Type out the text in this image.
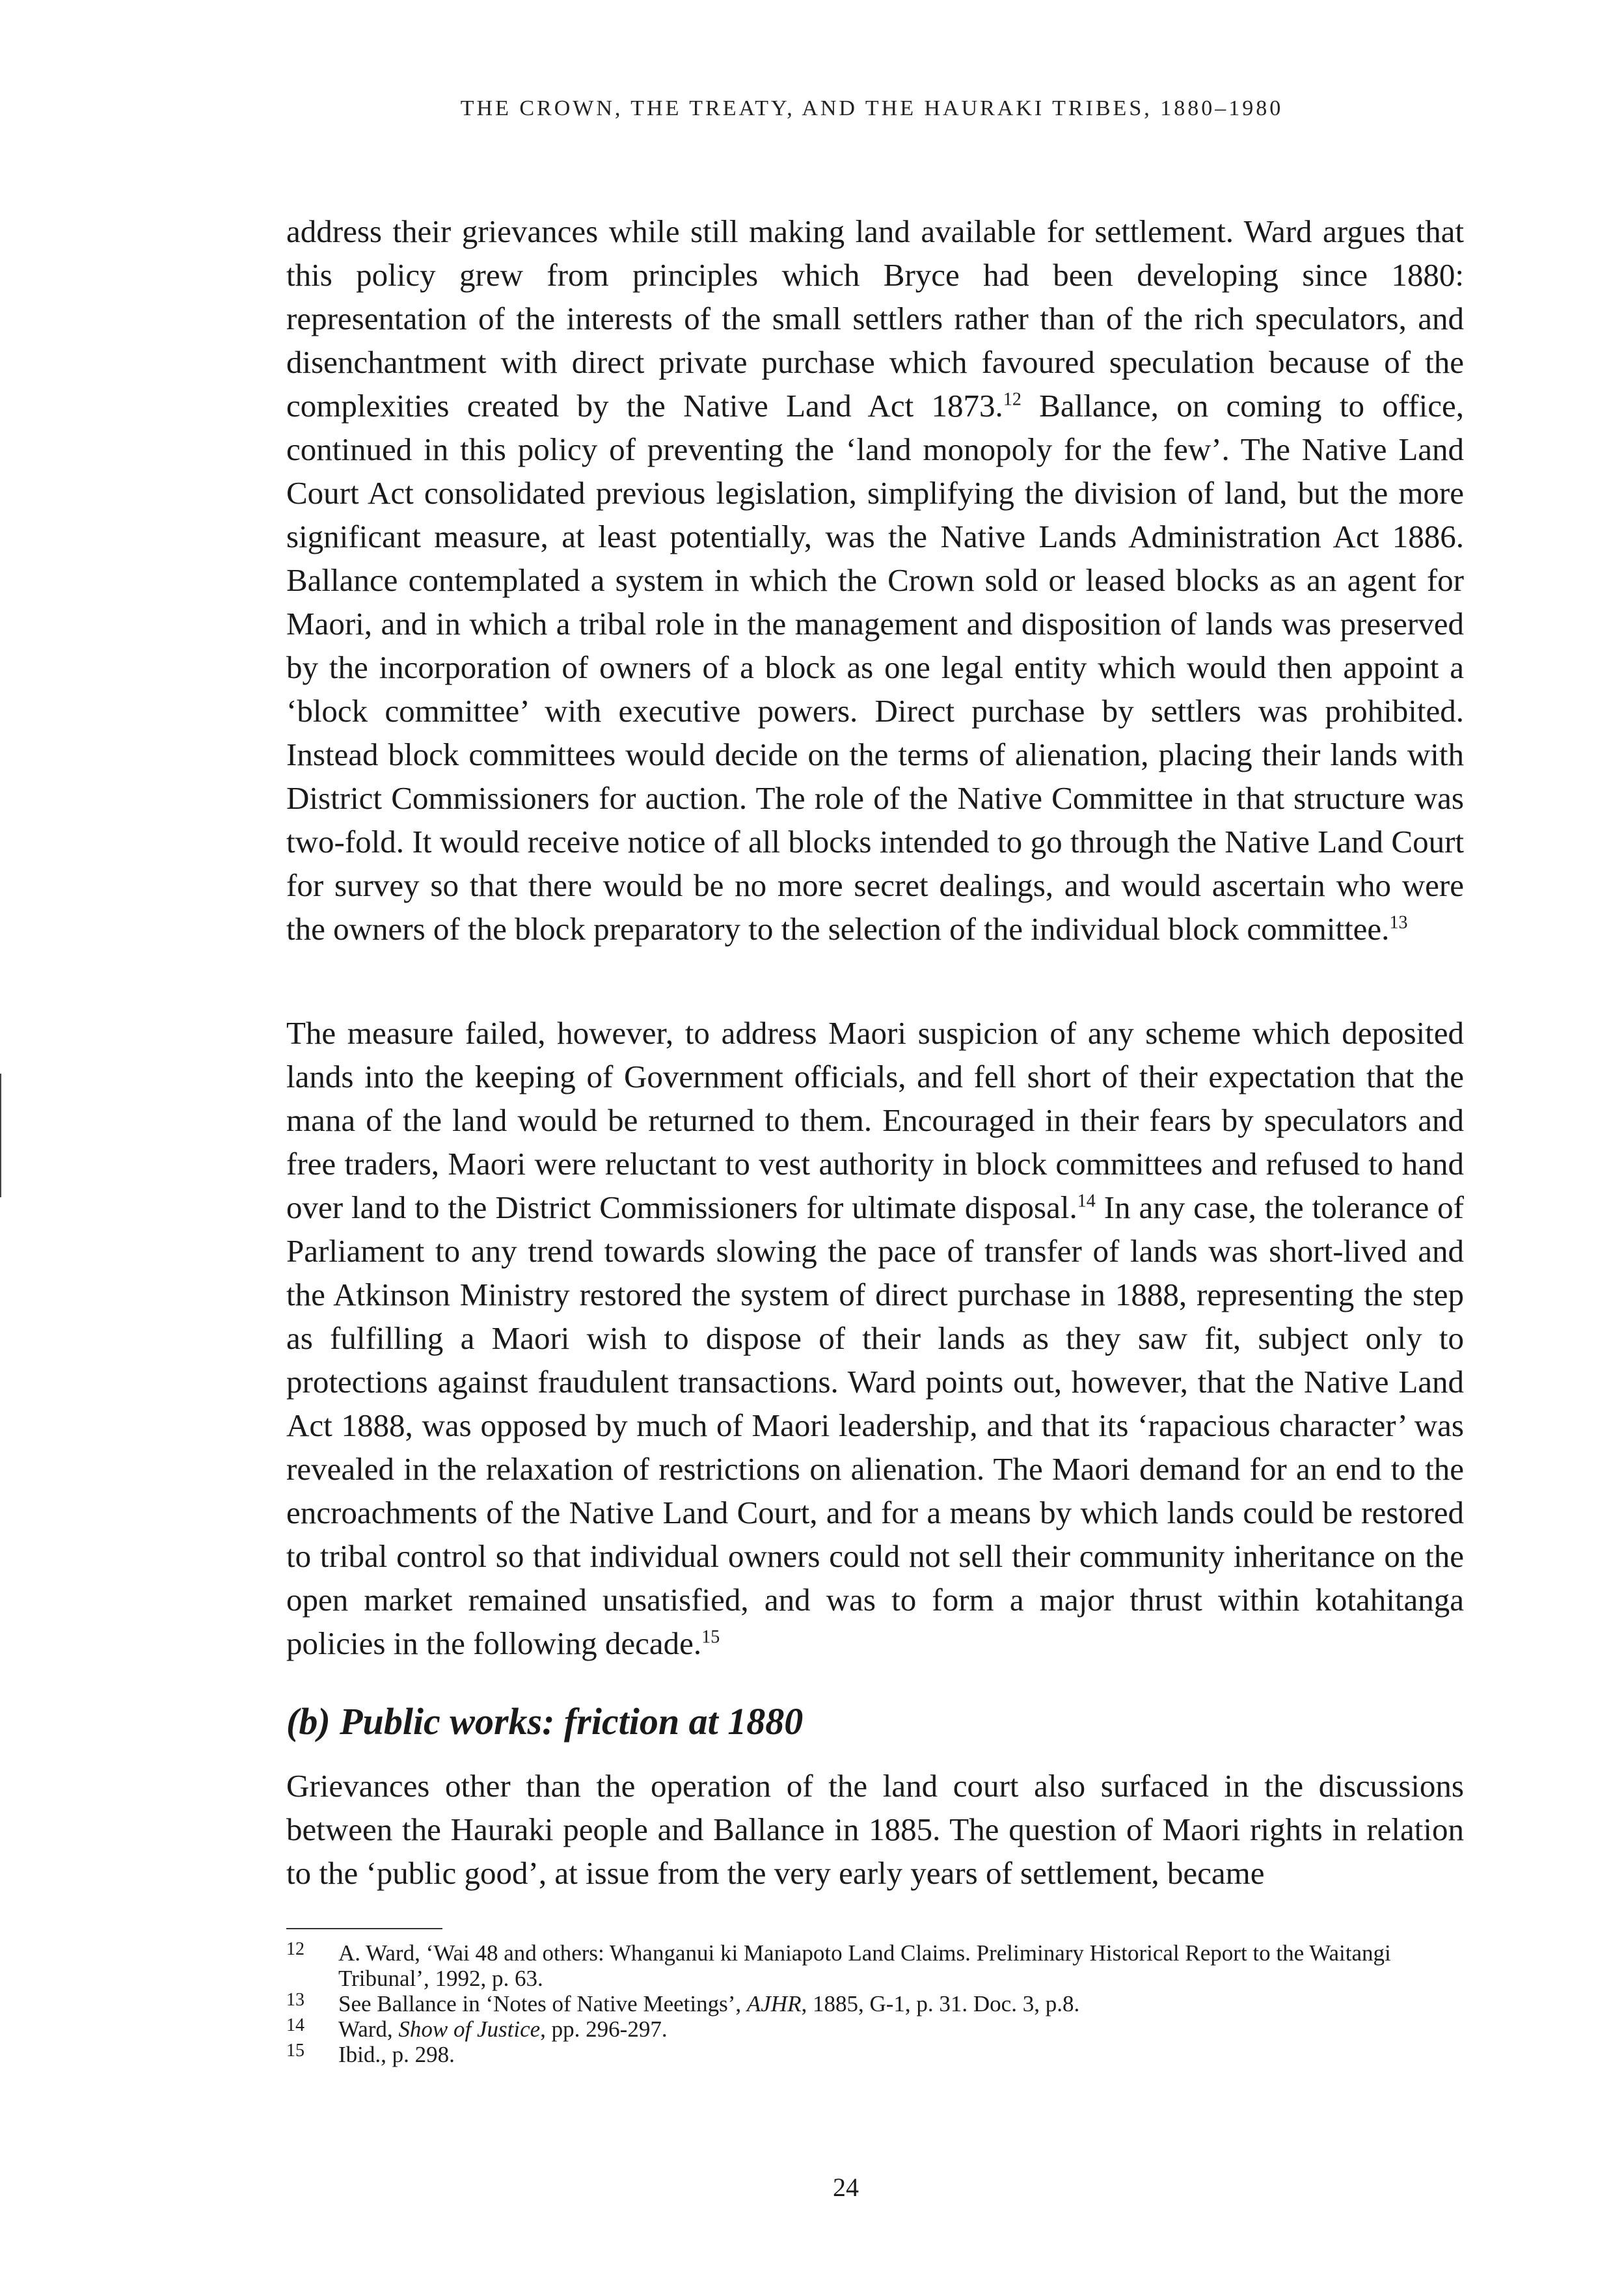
THE CROWN, THE TREATY, AND THE HAURAKI TRIBES, 1880–1980

address their grievances while still making land available for settlement. Ward argues that this policy grew from principles which Bryce had been developing since 1880: representation of the interests of the small settlers rather than of the rich speculators, and disenchantment with direct private purchase which favoured speculation because of the complexities created by the Native Land Act 1873.12 Ballance, on coming to office, continued in this policy of preventing the ‘land monopoly for the few’. The Native Land Court Act consolidated previous legislation, simplifying the division of land, but the more significant measure, at least potentially, was the Native Lands Administration Act 1886. Ballance contemplated a system in which the Crown sold or leased blocks as an agent for Maori, and in which a tribal role in the management and disposition of lands was preserved by the incorporation of owners of a block as one legal entity which would then appoint a ‘block committee’ with executive powers. Direct purchase by settlers was prohibited. Instead block committees would decide on the terms of alienation, placing their lands with District Commissioners for auction. The role of the Native Committee in that structure was two-fold. It would receive notice of all blocks intended to go through the Native Land Court for survey so that there would be no more secret dealings, and would ascertain who were the owners of the block preparatory to the selection of the individual block committee.$^{13}$

The measure failed, however, to address Maori suspicion of any scheme which deposited lands into the keeping of Government officials, and fell short of their expectation that the mana of the land would be returned to them. Encouraged in their fears by speculators and free traders, Maori were reluctant to vest authority in block committees and refused to hand over land to the District Commissioners for ultimate disposal.$^{14}$ In any case, the tolerance of Parliament to any trend towards slowing the pace of transfer of lands was short-lived and the Atkinson Ministry restored the system of direct purchase in 1888, representing the step as fulfilling a Maori wish to dispose of their lands as they saw fit, subject only to protections against fraudulent transactions. Ward points out, however, that the Native Land Act 1888, was opposed by much of Maori leadership, and that its ‘rapacious character’ was revealed in the relaxation of restrictions on alienation. The Maori demand for an end to the encroachments of the Native Land Court, and for a means by which lands could be restored to tribal control so that individual owners could not sell their community inheritance on the open market remained unsatisfied, and was to form a major thrust within kotahitanga policies in the following decade.$^{15}$

(b) Public works: friction at 1880

Grievances other than the operation of the land court also surfaced in the discussions between the Hauraki people and Ballance in 1885. The question of Maori rights in relation to the ‘public good’, at issue from the very early years of settlement, became

12	A. Ward, ‘Wai 48 and others: Whanganui ki Maniapoto Land Claims. Preliminary Historical Report to the Waitangi Tribunal’, 1992, p. 63.
13	See Ballance in ‘Notes of Native Meetings’, AJHR, 1885, G-1, p. 31. Doc. 3, p.8.
14	Ward, Show of Justice, pp. 296-297.
15	Ibid., p. 298.
24
